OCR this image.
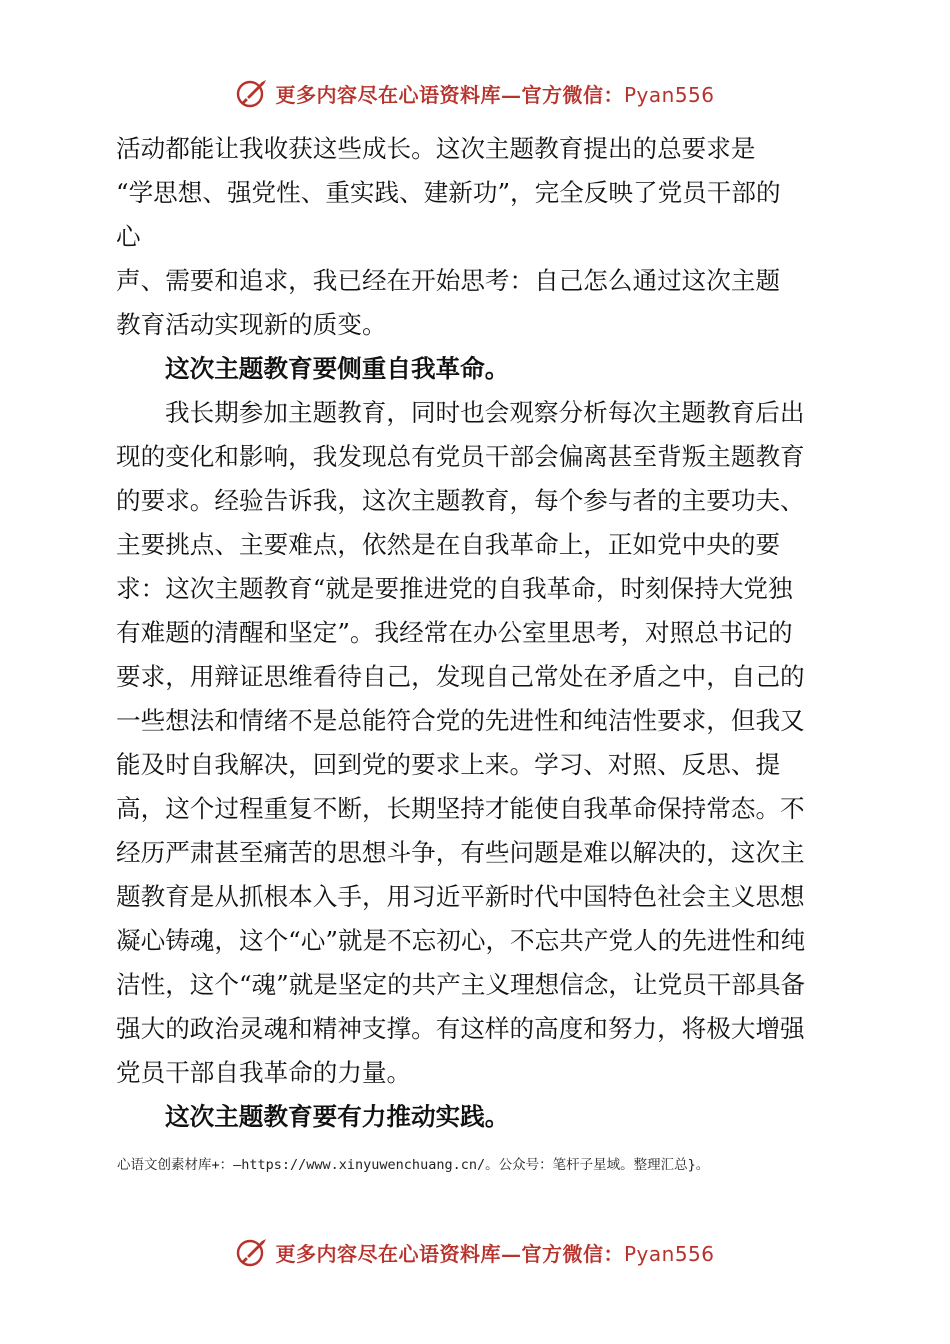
更多内容尽在心语资料库—官方微信：Pyan556
活动都能让我收获这些成长。这次主题教育提出的总要求是
“学思想、强党性、重实践、建新功”，完全反映了党员干部的
心
声、需要和追求，我已经在开始思考：自己怎么通过这次主题
教育活动实现新的质变。
这次主题教育要侧重自我革命。
我长期参加主题教育，同时也会观察分析每次主题教育后出
现的变化和影响，我发现总有党员干部会偏离甚至背叛主题教育
的要求。经验告诉我，这次主题教育，每个参与者的主要功夫、
主要挑点、主要难点，依然是在自我革命上，正如党中央的要
求：这次主题教育“就是要推进党的自我革命，时刻保持大党独
有难题的清醒和坚定”。我经常在办公室里思考，对照总书记的
要求，用辩证思维看待自己，发现自己常处在矛盾之中，自己的
一些想法和情绪不是总能符合党的先进性和纯洁性要求，但我又
能及时自我解决，回到党的要求上来。学习、对照、反思、提
高，这个过程重复不断，长期坚持才能使自我革命保持常态。不
经历严肃甚至痛苦的思想斗争，有些问题是难以解决的，这次主
题教育是从抓根本入手，用习近平新时代中国特色社会主义思想
凝心铸魂，这个“心”就是不忘初心，不忘共产党人的先进性和纯
洁性，这个“魂”就是坚定的共产主义理想信念，让党员干部具备
强大的政治灵魂和精神支撑。有这样的高度和努力，将极大增强
党员干部自我革命的力量。
这次主题教育要有力推动实践。
心语文创素材库+：—https://www.xinyuwenchuang.cn/。公众号：笔杆子星域。整理汇总}。
更多内容尽在心语资料库—官方微信：Pyan556
